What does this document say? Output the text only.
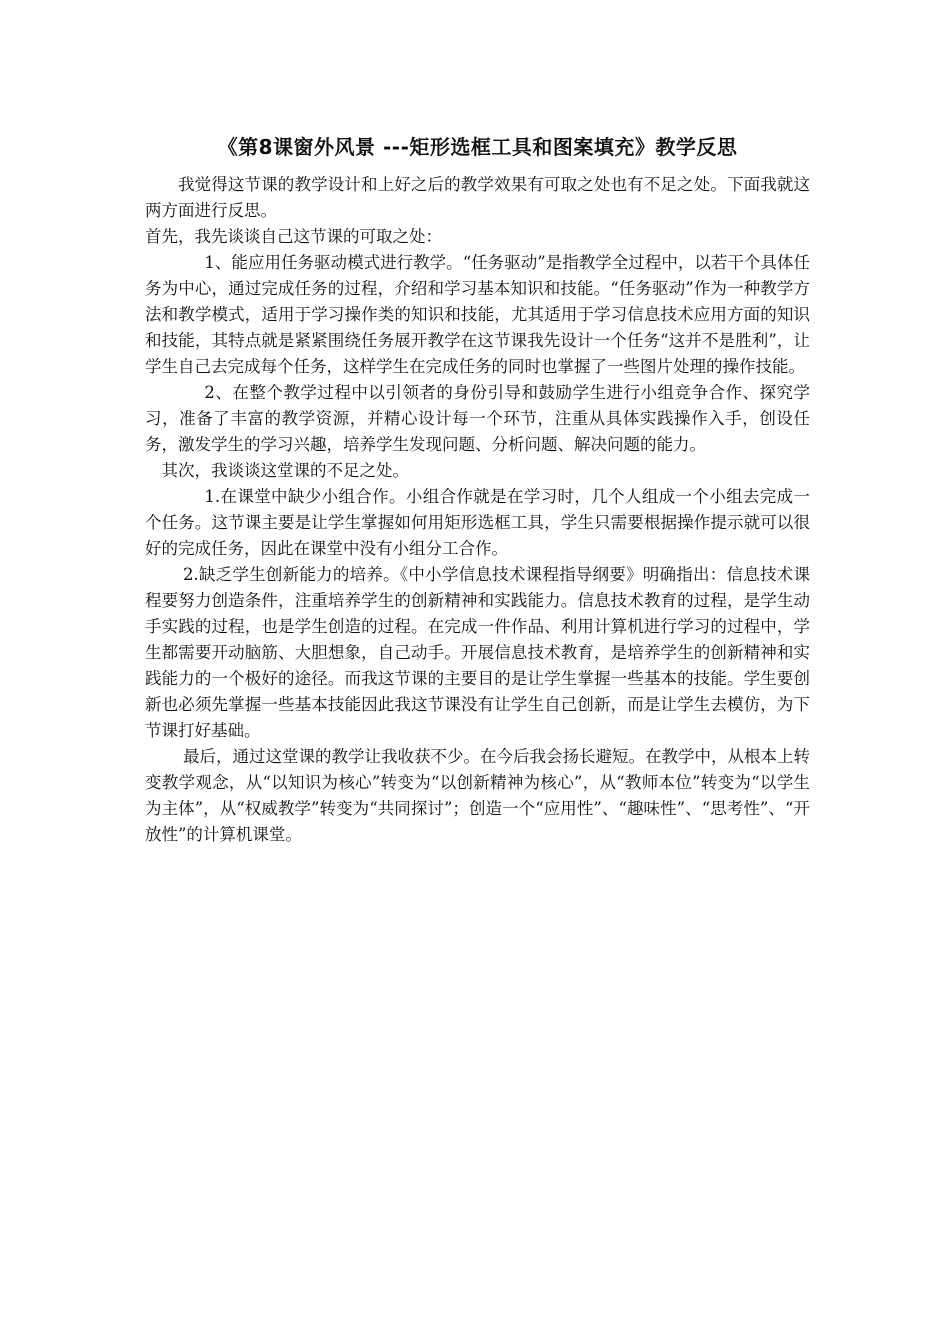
《第8课窗外风景 ---矩形选框工具和图案填充》教学反思

我觉得这节课的教学设计和上好之后的教学效果有可取之处也有不足之处。下面我就这两方面进行反思。

首先，我先谈谈自己这节课的可取之处：

1、能应用任务驱动模式进行教学。“任务驱动”是指教学全过程中，以若干个具体任务为中心，通过完成任务的过程，介绍和学习基本知识和技能。“任务驱动”作为一种教学方法和教学模式，适用于学习操作类的知识和技能，尤其适用于学习信息技术应用方面的知识和技能，其特点就是紧紧围绕任务展开教学在这节课我先设计一个任务“这并不是胜利”，让学生自己去完成每个任务，这样学生在完成任务的同时也掌握了一些图片处理的操作技能。

2、在整个教学过程中以引领者的身份引导和鼓励学生进行小组竞争合作、探究学习，准备了丰富的教学资源，并精心设计每一个环节，注重从具体实践操作入手，创设任务，激发学生的学习兴趣，培养学生发现问题、分析问题、解决问题的能力。

其次，我谈谈这堂课的不足之处。

1.在课堂中缺少小组合作。小组合作就是在学习时，几个人组成一个小组去完成一个任务。这节课主要是让学生掌握如何用矩形选框工具，学生只需要根据操作提示就可以很好的完成任务，因此在课堂中没有小组分工合作。

2.缺乏学生创新能力的培养。《中小学信息技术课程指导纲要》明确指出：信息技术课程要努力创造条件，注重培养学生的创新精神和实践能力。信息技术教育的过程，是学生动手实践的过程，也是学生创造的过程。在完成一件作品、利用计算机进行学习的过程中，学生都需要开动脑筋、大胆想象，自己动手。开展信息技术教育，是培养学生的创新精神和实践能力的一个极好的途径。而我这节课的主要目的是让学生掌握一些基本的技能。学生要创新也必须先掌握一些基本技能因此我这节课没有让学生自己创新，而是让学生去模仿，为下节课打好基础。

最后，通过这堂课的教学让我收获不少。在今后我会扬长避短。在教学中，从根本上转变教学观念，从“以知识为核心”转变为“以创新精神为核心”，从“教师本位”转变为“以学生为主体”，从“权威教学”转变为“共同探讨”；创造一个“应用性”、“趣味性”、“思考性”、“开放性”的计算机课堂。
